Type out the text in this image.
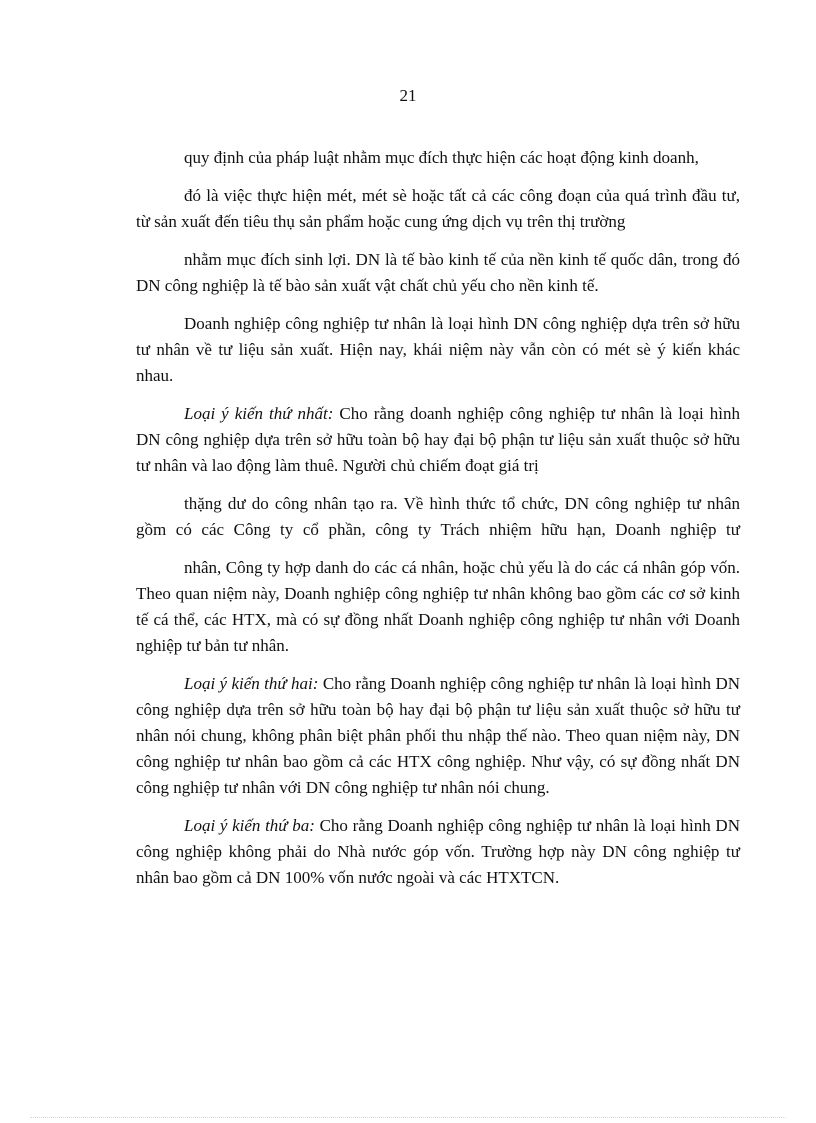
21

quy định của pháp luật nhằm mục đích thực hiện các hoạt động kinh doanh,

đó là việc thực hiện mét, mét sè hoặc tất cả các công đoạn của quá trình đầu tư, từ sản xuất đến tiêu thụ sản phẩm hoặc cung ứng dịch vụ trên thị trường

nhằm mục đích sinh lợi. DN là tế bào kinh tế của nền kinh tế quốc dân, trong đó DN công nghiệp là tế bào sản xuất vật chất chủ yếu cho nền kinh tế.

Doanh nghiệp công nghiệp tư nhân là loại hình DN công nghiệp dựa trên sở hữu tư nhân về tư liệu sản xuất. Hiện nay, khái niệm này vẫn còn có mét sè ý kiến khác nhau.

Loại ý kiến thứ nhất: Cho rằng doanh nghiệp công nghiệp tư nhân là loại hình DN công nghiệp dựa trên sở hữu toàn bộ hay đại bộ phận tư liệu sản xuất thuộc sở hữu tư nhân và lao động làm thuê. Người chủ chiếm đoạt giá trị

thặng dư do công nhân tạo ra. Về hình thức tổ chức, DN công nghiệp tư nhân gồm có các Công ty cổ phần, công ty Trách nhiệm hữu hạn, Doanh nghiệp tư

nhân, Công ty hợp danh do các cá nhân, hoặc chủ yếu là do các cá nhân góp vốn. Theo quan niệm này, Doanh nghiệp công nghiệp tư nhân không bao gồm các cơ sở kinh tế cá thể, các HTX, mà có sự đồng nhất Doanh nghiệp công nghiệp tư nhân với Doanh nghiệp tư bản tư nhân.

Loại ý kiến thứ hai: Cho rằng Doanh nghiệp công nghiệp tư nhân là loại hình DN công nghiệp dựa trên sở hữu toàn bộ hay đại bộ phận tư liệu sản xuất thuộc sở hữu tư nhân nói chung, không phân biệt phân phối thu nhập thế nào. Theo quan niệm này, DN công nghiệp tư nhân bao gồm cả các HTX công nghiệp. Như vậy, có sự đồng nhất DN công nghiệp tư nhân với DN công nghiệp tư nhân nói chung.

Loại ý kiến thứ ba: Cho rằng Doanh nghiệp công nghiệp tư nhân là loại hình DN công nghiệp không phải do Nhà nước góp vốn. Trường hợp này DN công nghiệp tư nhân bao gồm cả DN 100% vốn nước ngoài và các HTXTCN.
